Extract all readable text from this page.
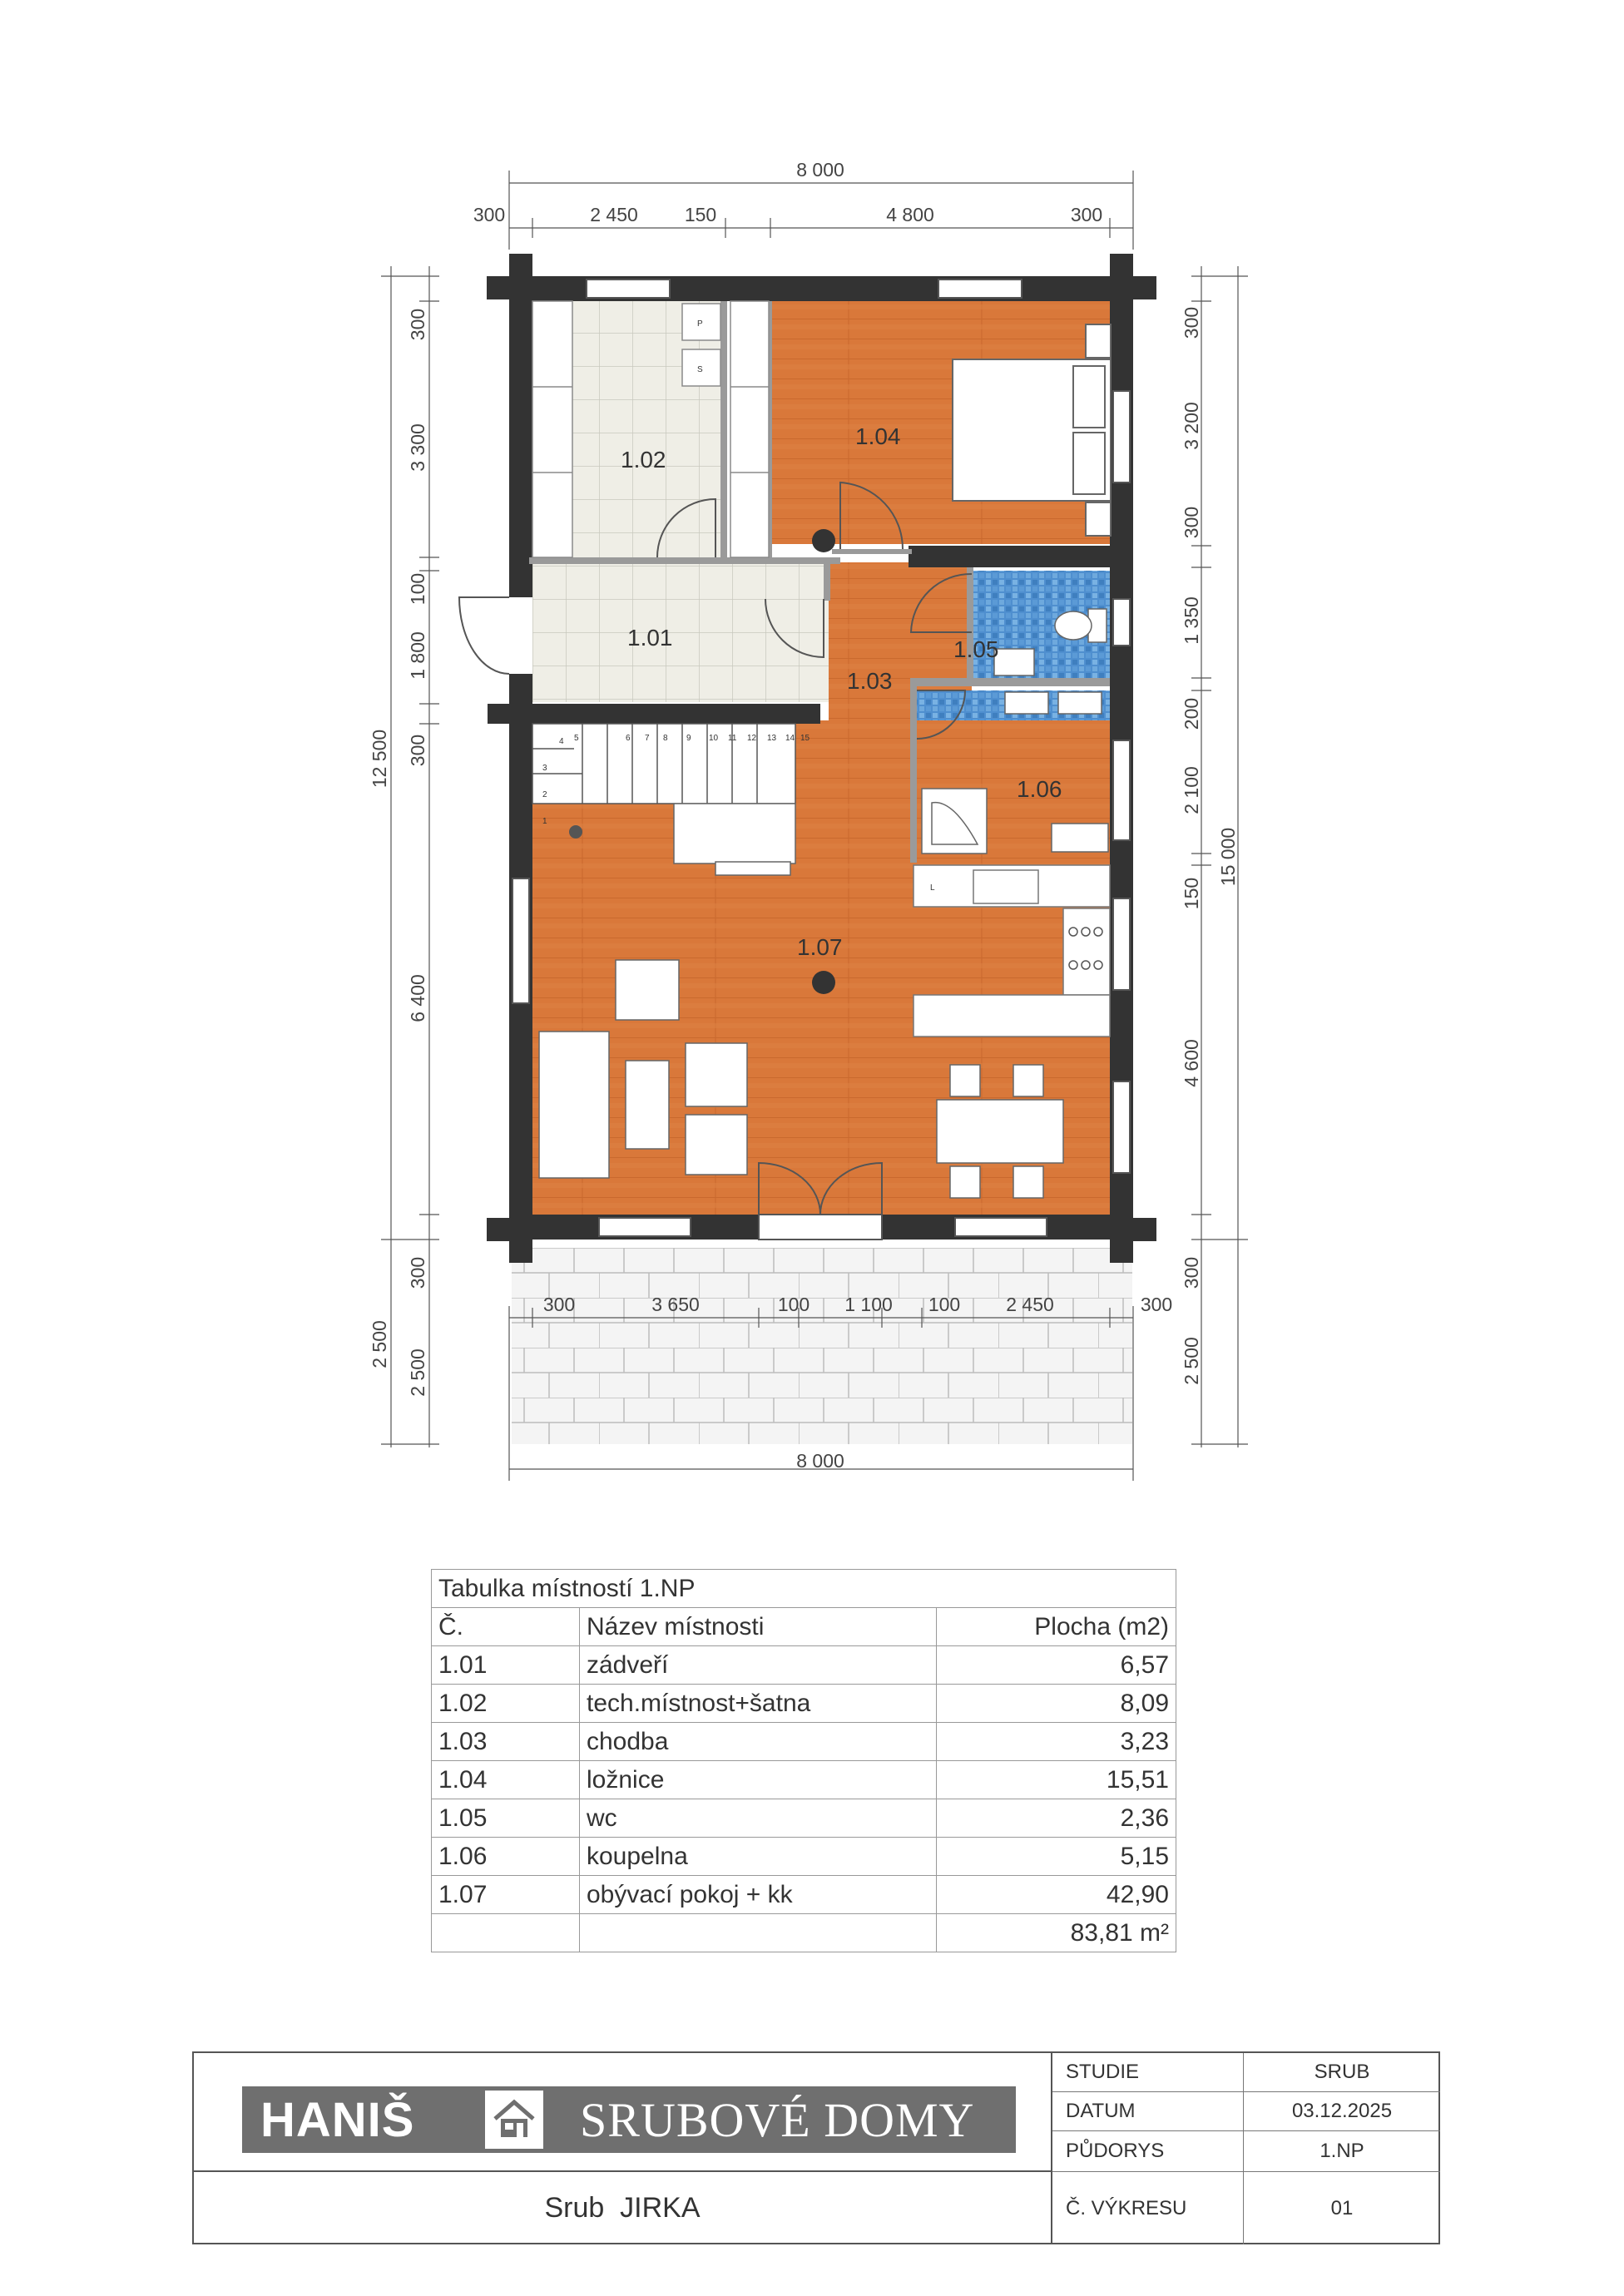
S
P
L
1
2
3
4 5	6 7 8 9 10 11 12 13 14 15
1.02
1.04
1.01	1.05
1.03
1.06
1.07
8 000
300	2 450 150	4 800	300
300	3 650	100 1 100 100 2 450	300
8 000
300
3 300
100
1 800
300
6 400
300
2 500
12 500
2 500
300
3 200
300
1 350
200
2 100
150
4 600
300
2 500
15 000
Tabulka místností 1.NP		
Č.	Název místnosti	Plocha (m2)
1.01	zádveří	6,57
1.02	tech.místnost+šatna	8,09
1.03	chodba	3,23
1.04	ložnice	15,51
1.05	wc	2,36
1.06	koupelna	5,15
1.07	obývací pokoj + kk	42,90
		83,81 m²
HANIŠ	SRUBOVÉ DOMY
Srub  JIRKA
STUDIE	SRUB
DATUM	03.12.2025
PŮDORYS	1.NP
Č. VÝKRESU	01
